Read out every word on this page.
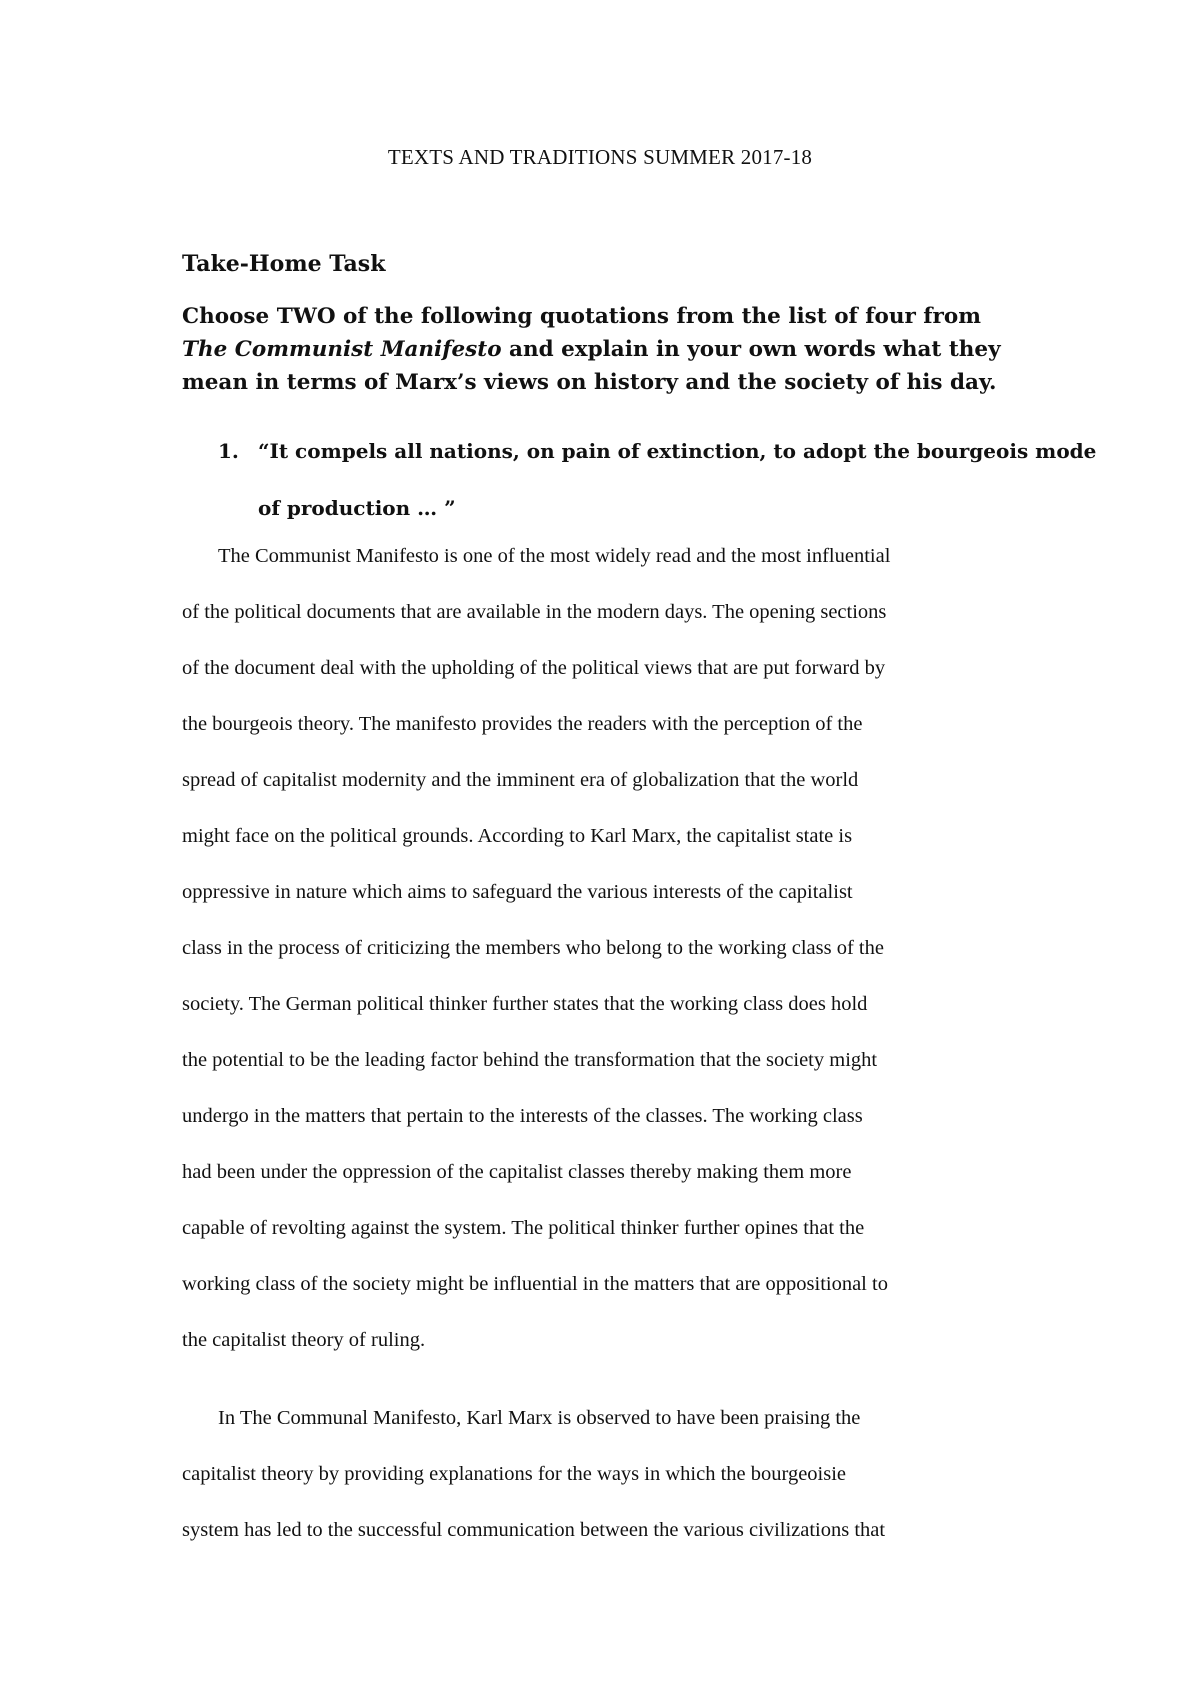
TEXTS AND TRADITIONS SUMMER 2017-18
Take-Home Task
Choose TWO of the following quotations from the list of four from
The Communist Manifesto and explain in your own words what they
mean in terms of Marx’s views on history and the society of his day.
1. “It compels all nations, on pain of extinction, to adopt the bourgeois mode
of production … ”
The Communist Manifesto is one of the most widely read and the most influential
of the political documents that are available in the modern days. The opening sections
of the document deal with the upholding of the political views that are put forward by
the bourgeois theory. The manifesto provides the readers with the perception of the
spread of capitalist modernity and the imminent era of globalization that the world
might face on the political grounds. According to Karl Marx, the capitalist state is
oppressive in nature which aims to safeguard the various interests of the capitalist
class in the process of criticizing the members who belong to the working class of the
society. The German political thinker further states that the working class does hold
the potential to be the leading factor behind the transformation that the society might
undergo in the matters that pertain to the interests of the classes. The working class
had been under the oppression of the capitalist classes thereby making them more
capable of revolting against the system. The political thinker further opines that the
working class of the society might be influential in the matters that are oppositional to
the capitalist theory of ruling.
In The Communal Manifesto, Karl Marx is observed to have been praising the
capitalist theory by providing explanations for the ways in which the bourgeoisie
system has led to the successful communication between the various civilizations that
